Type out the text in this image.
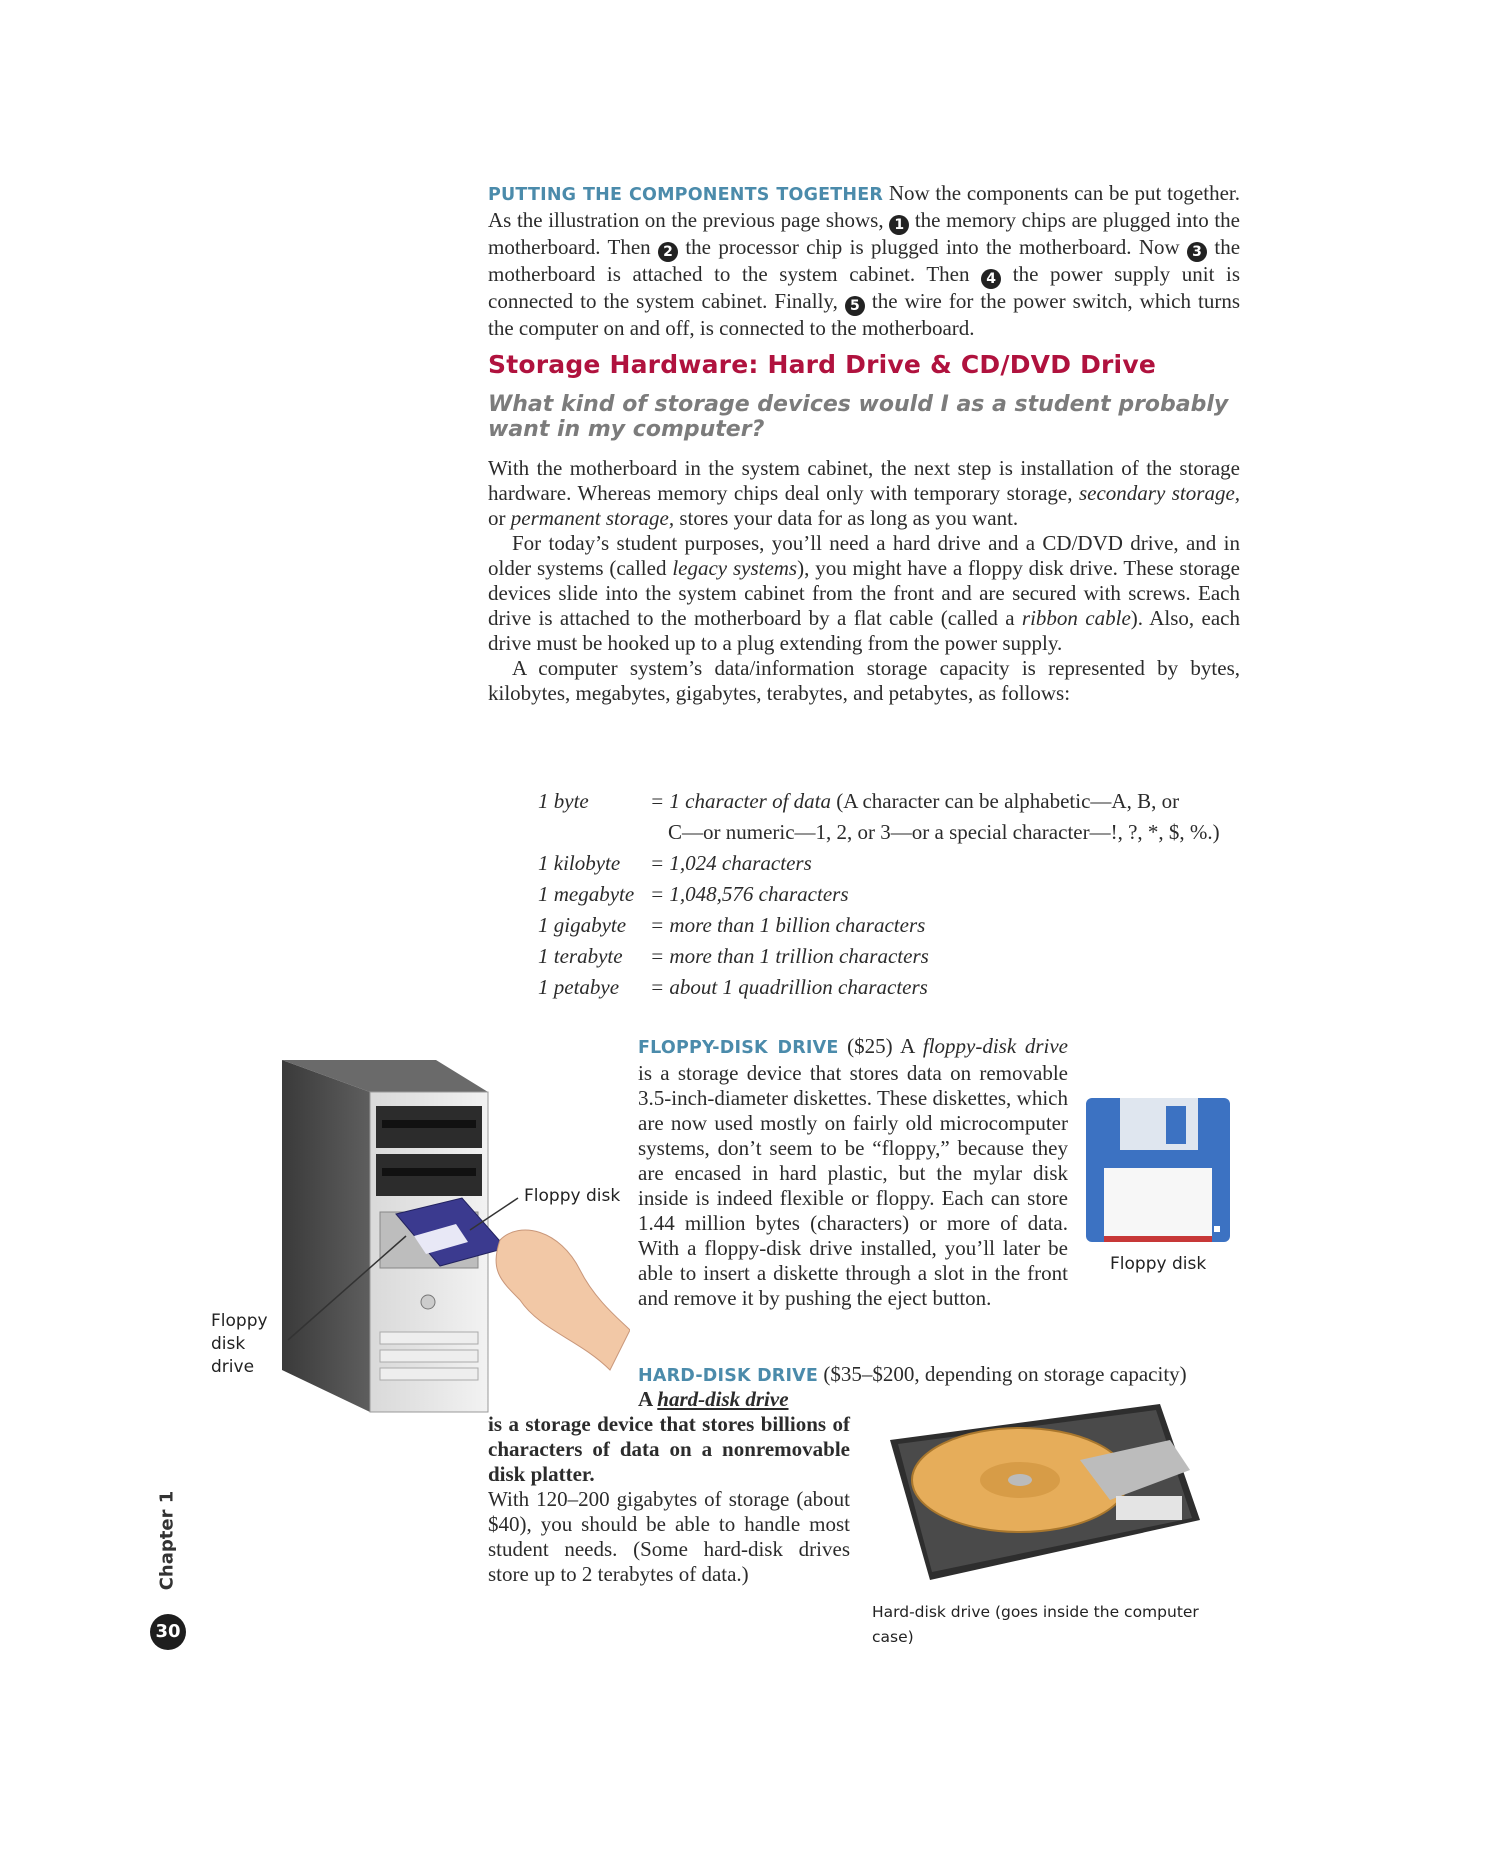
PUTTING THE COMPONENTS TOGETHER Now the components can be put together. As the illustration on the previous page shows, 1 the memory chips are plugged into the motherboard. Then 2 the processor chip is plugged into the motherboard. Now 3 the motherboard is attached to the system cabinet. Then 4 the power supply unit is connected to the system cabinet. Finally, 5 the wire for the power switch, which turns the computer on and off, is connected to the motherboard.

Storage Hardware: Hard Drive & CD/DVD Drive

What kind of storage devices would I as a student probably want in my computer?

With the motherboard in the system cabinet, the next step is installation of the storage hardware. Whereas memory chips deal only with temporary storage, secondary storage, or permanent storage, stores your data for as long as you want.

For today’s student purposes, you’ll need a hard drive and a CD/DVD drive, and in older systems (called legacy systems), you might have a floppy disk drive. These storage devices slide into the system cabinet from the front and are secured with screws. Each drive is attached to the motherboard by a flat cable (called a ribbon cable). Also, each drive must be hooked up to a plug extending from the power supply.

A computer system’s data/information storage capacity is represented by bytes, kilobytes, megabytes, gigabytes, terabytes, and petabytes, as follows:

1 byte	= 1 character of data (A character can be alphabetic—A, B, or
C—or numeric—1, 2, or 3—or a special character—!, ?, *, $, %.)
1 kilobyte	= 1,024 characters
1 megabyte = 1,048,576 characters
1 gigabyte	= more than 1 billion characters
1 terabyte	= more than 1 trillion characters
1 petabye	= about 1 quadrillion characters
Floppy disk
Floppy disk drive

FLOPPY-DISK DRIVE ($25) A floppy-disk drive is a storage device that stores data on removable 3.5-inch-diameter diskettes. These diskettes, which are now used mostly on fairly old microcomputer systems, don’t seem to be “floppy,” because they are encased in hard plastic, but the mylar disk inside is indeed flexible or floppy. Each can store 1.44 million bytes (characters) or more of data. With a floppy-disk drive installed, you’ll later be able to insert a diskette through a slot in the front and remove it by pushing the eject button.

Floppy disk

HARD-DISK DRIVE ($35–$200, depending on storage capacity)

A hard-disk drive
is a storage device that stores billions of characters of data on a nonremovable disk platter.
With 120–200 gigabytes of storage (about $40), you should be able to handle most student needs. (Some hard-disk drives store up to 2 terabytes of data.)
Hard-disk drive (goes inside the computer case)
Chapter 1
30
